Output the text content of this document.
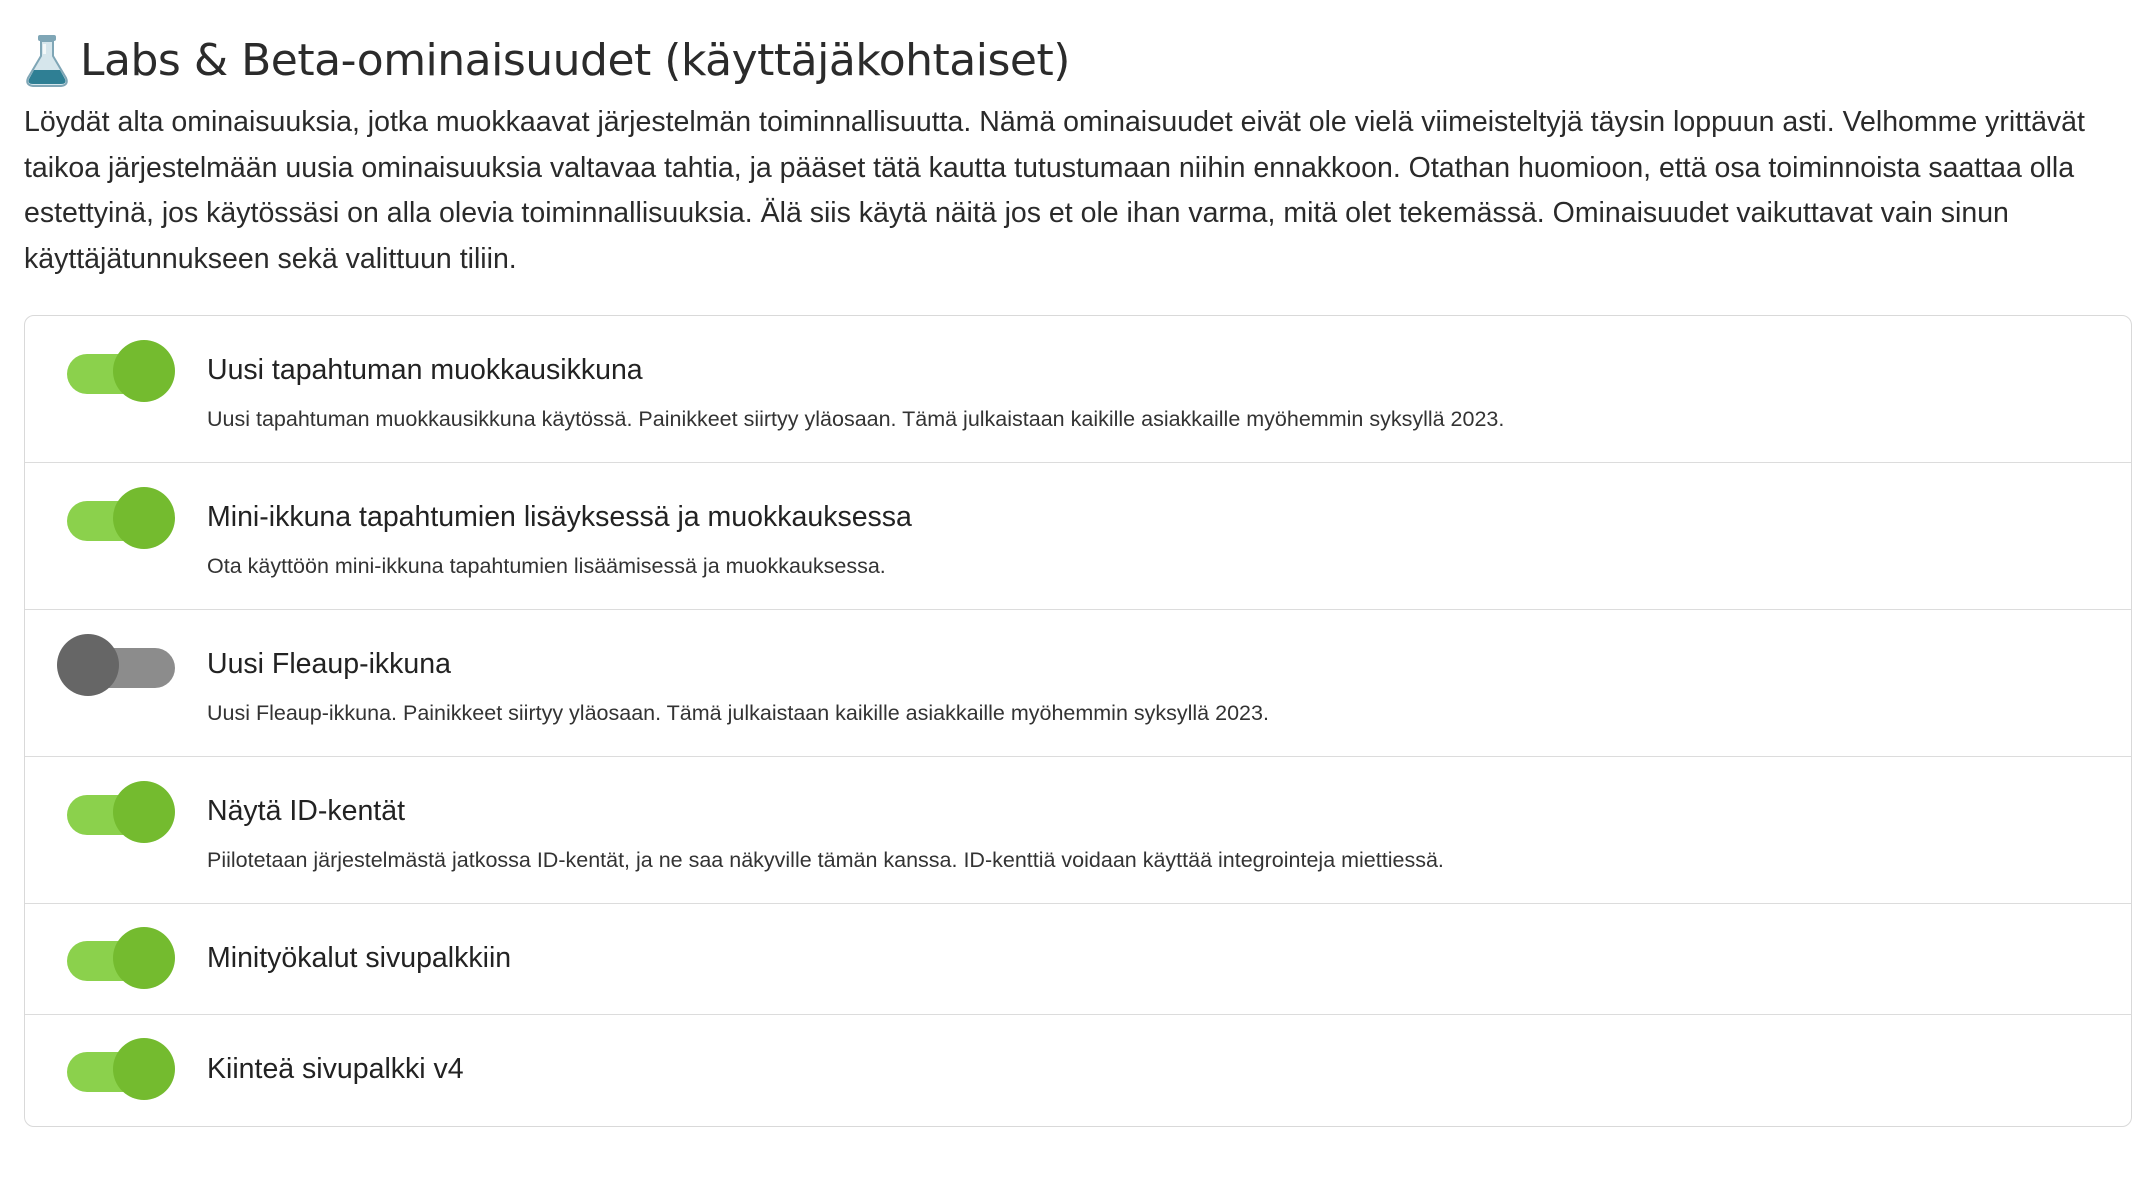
Labs & Beta-ominaisuudet (käyttäjäkohtaiset)

Löydät alta ominaisuuksia, jotka muokkaavat järjestelmän toiminnallisuutta. Nämä ominaisuudet eivät ole vielä viimeisteltyjä täysin loppuun asti. Velhomme yrittävät taikoa järjestelmään uusia ominaisuuksia valtavaa tahtia, ja pääset tätä kautta tutustumaan niihin ennakkoon. Otathan huomioon, että osa toiminnoista saattaa olla estettyinä, jos käytössäsi on alla olevia toiminnallisuuksia. Älä siis käytä näitä jos et ole ihan varma, mitä olet tekemässä. Ominaisuudet vaikuttavat vain sinun käyttäjätunnukseen sekä valittuun tiliin.

Uusi tapahtuman muokkausikkuna
Uusi tapahtuman muokkausikkuna käytössä. Painikkeet siirtyy yläosaan. Tämä julkaistaan kaikille asiakkaille myöhemmin syksyllä 2023.
Mini-ikkuna tapahtumien lisäyksessä ja muokkauksessa
Ota käyttöön mini-ikkuna tapahtumien lisäämisessä ja muokkauksessa.
Uusi Fleaup-ikkuna
Uusi Fleaup-ikkuna. Painikkeet siirtyy yläosaan. Tämä julkaistaan kaikille asiakkaille myöhemmin syksyllä 2023.
Näytä ID-kentät
Piilotetaan järjestelmästä jatkossa ID-kentät, ja ne saa näkyville tämän kanssa. ID-kenttiä voidaan käyttää integrointeja miettiessä.
Minityökalut sivupalkkiin
Kiinteä sivupalkki v4
